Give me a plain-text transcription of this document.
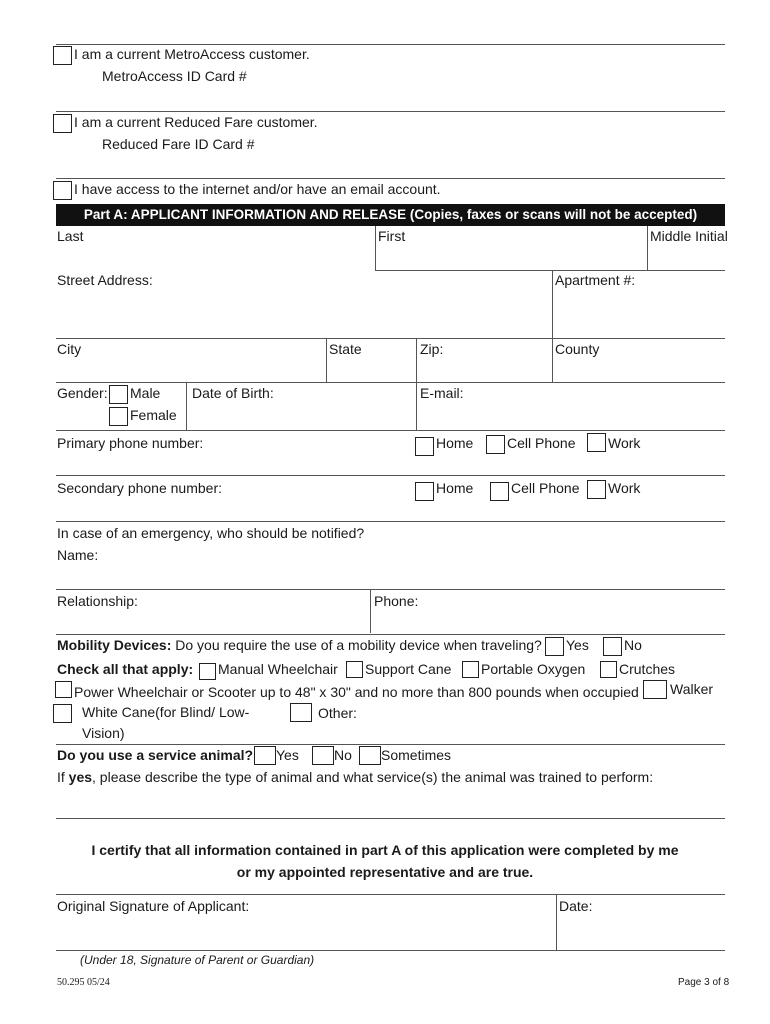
I am a current MetroAccess customer.
MetroAccess ID Card #
I am a current Reduced Fare customer.
Reduced Fare ID Card #
I have access to the internet and/or have an email account.
Part A: APPLICANT INFORMATION AND RELEASE (Copies, faxes or scans will not be accepted)
Last	First	Middle Initial
Street Address:	Apartment #:
City	State	Zip:	County
Gender: Male
Female
Date of Birth:	E-mail:
Primary phone number:	Home Cell Phone Work
Secondary phone number:	Home	Cell Phone Work
In case of an emergency, who should be notified?
Name:
Relationship:	Phone:
Mobility Devices: Do you require the use of a mobility device when traveling? Yes	No
Check all that apply: Manual Wheelchair Support Cane Portable Oxygen Crutches
Power Wheelchair or Scooter up to 48" x 30" and no more than 800 pounds when occupied Walker
White Cane(for Blind/ Low-
Vision)
Other:
Do you use a service animal? Yes	No Sometimes
If yes, please describe the type of animal and what service(s) the animal was trained to perform:
I certify that all information contained in part A of this application were completed by me
or my appointed representative and are true.
Original Signature of Applicant:	Date:
(Under 18, Signature of Parent or Guardian)
50.295 05/24	Page 3 of 8
